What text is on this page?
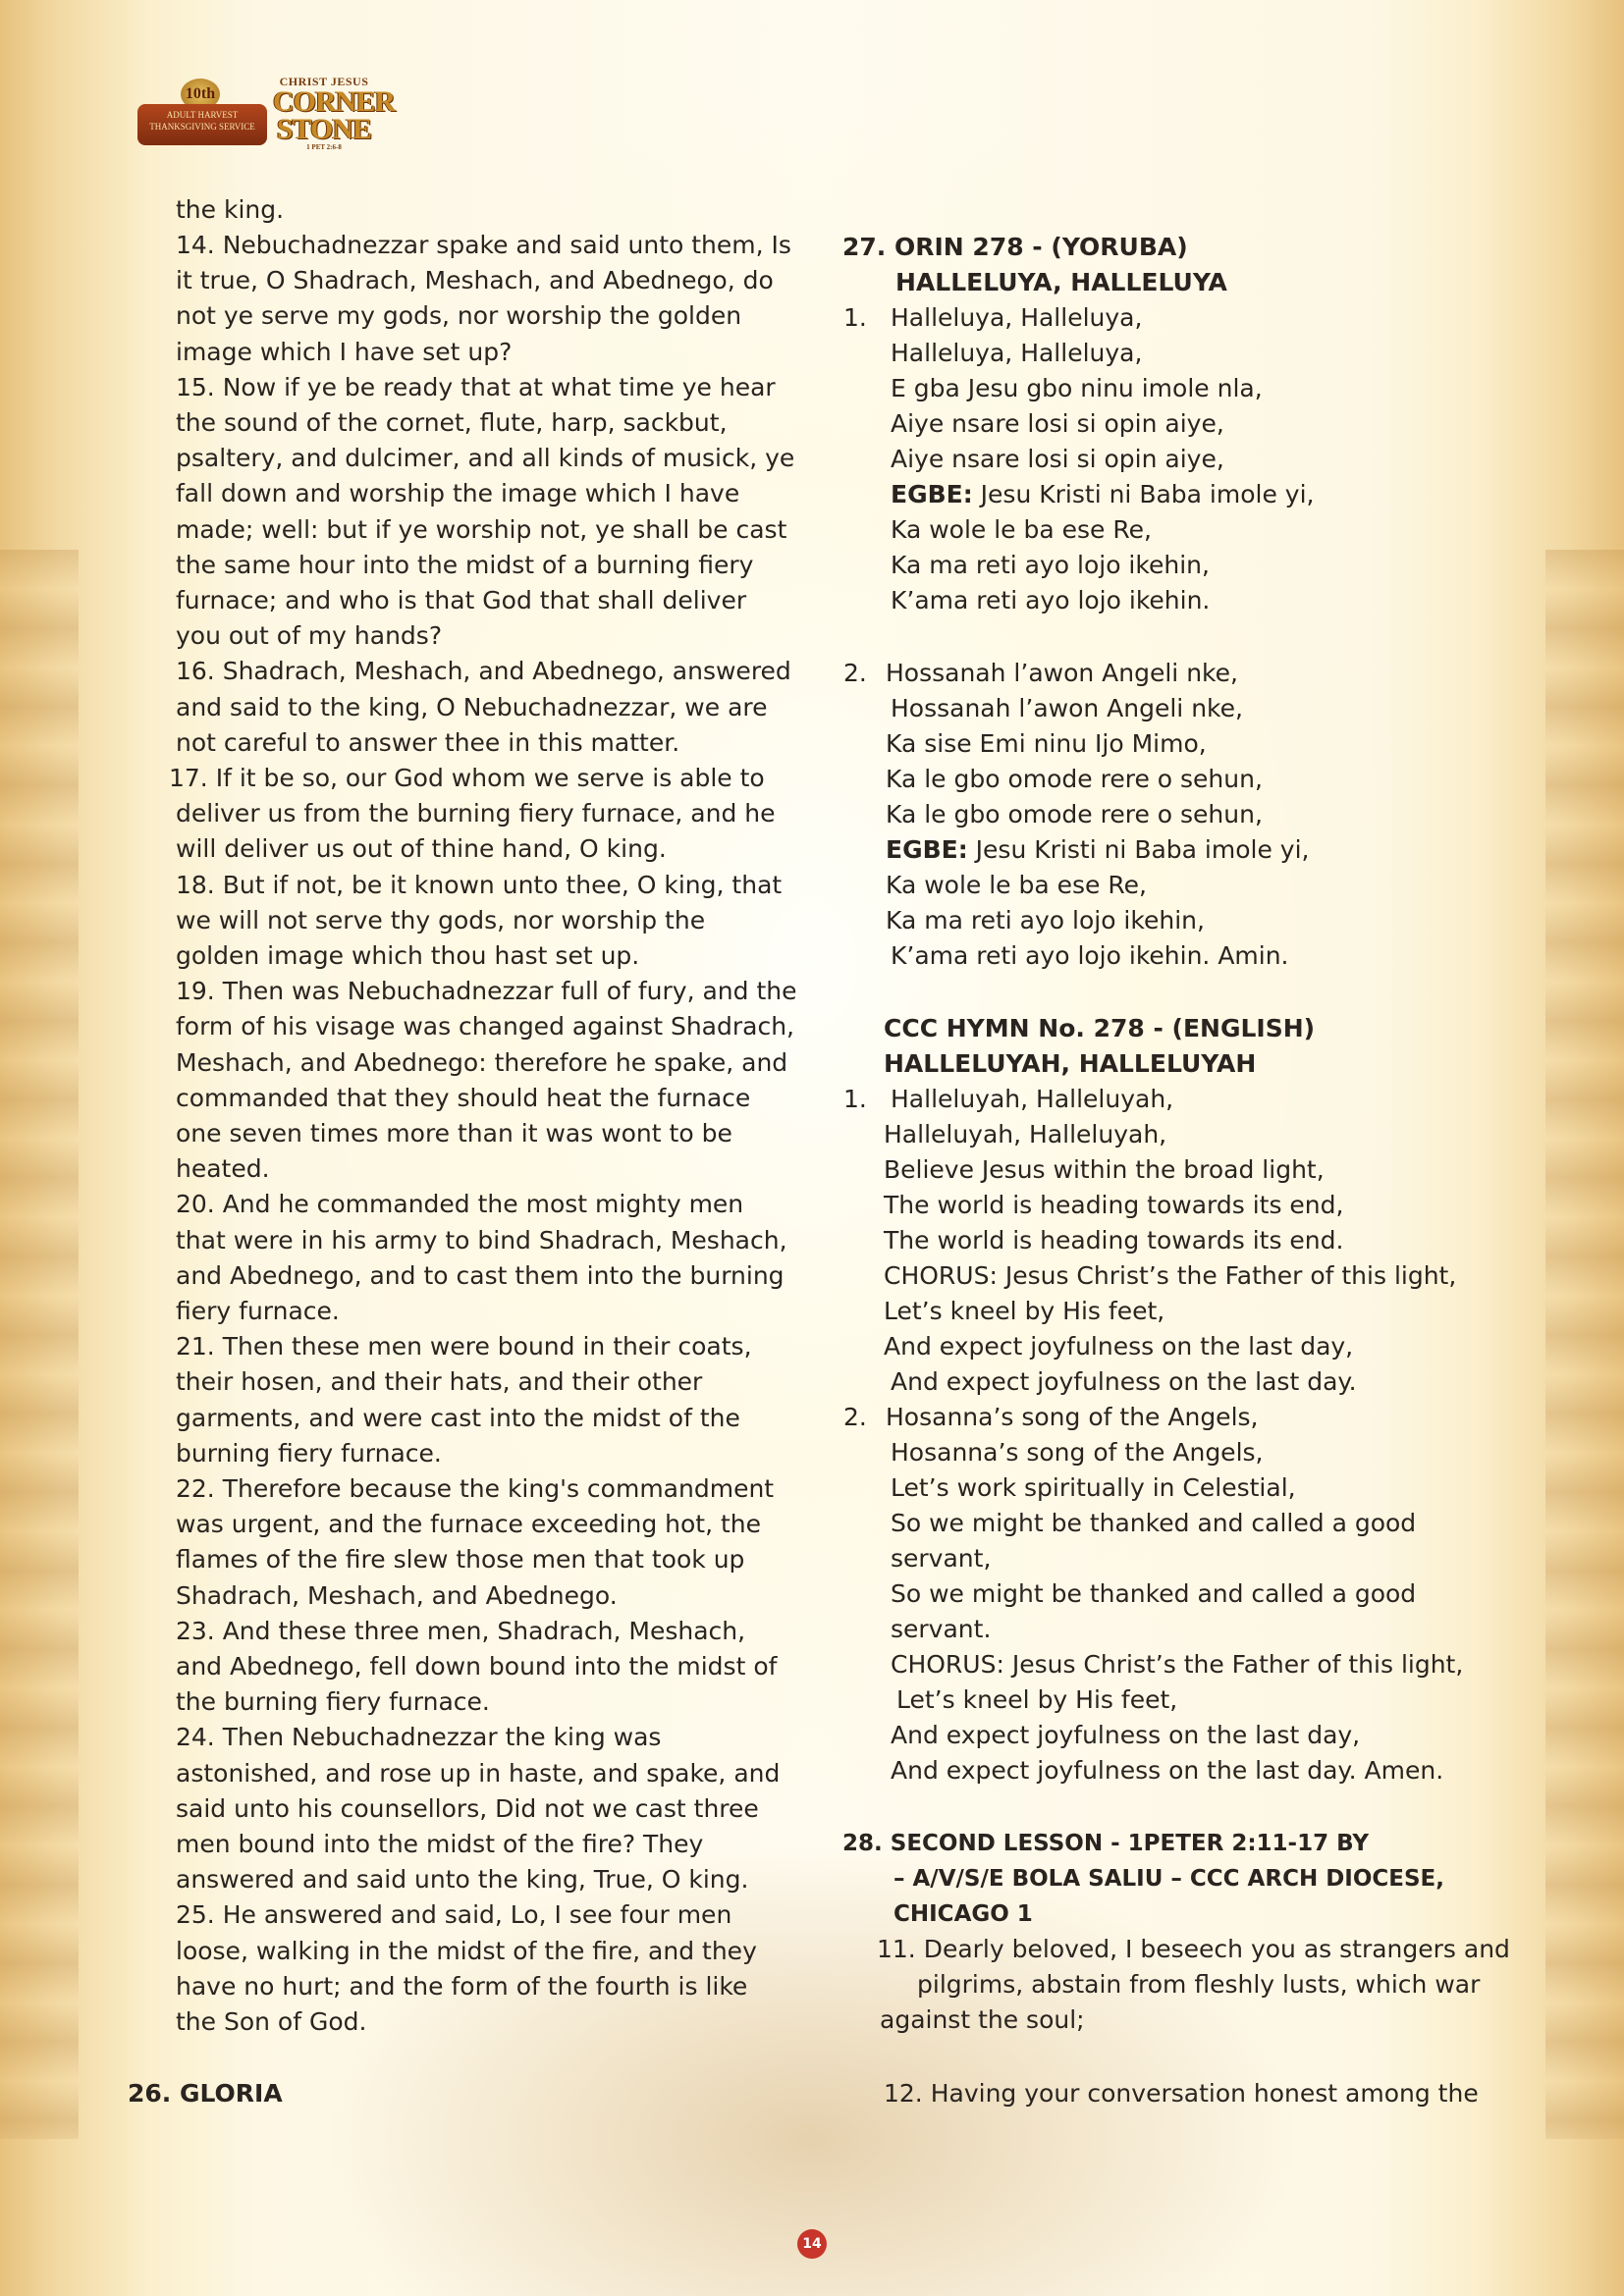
10th
ADULT HARVEST THANKSGIVING SERVICE
CHRIST JESUS
CORNER
STONE
1 PET 2:6-8
the king.
14. Nebuchadnezzar spake and said unto them, Is
it true, O Shadrach, Meshach, and Abednego, do
not ye serve my gods, nor worship the golden
image which I have set up?
15. Now if ye be ready that at what time ye hear
the sound of the cornet, flute, harp, sackbut,
psaltery, and dulcimer, and all kinds of musick, ye
fall down and worship the image which I have
made; well: but if ye worship not, ye shall be cast
the same hour into the midst of a burning fiery
furnace; and who is that God that shall deliver
you out of my hands?
16. Shadrach, Meshach, and Abednego, answered
and said to the king, O Nebuchadnezzar, we are
not careful to answer thee in this matter.
17. If it be so, our God whom we serve is able to
deliver us from the burning fiery furnace, and he
will deliver us out of thine hand, O king.
18. But if not, be it known unto thee, O king, that
we will not serve thy gods, nor worship the
golden image which thou hast set up.
19. Then was Nebuchadnezzar full of fury, and the
form of his visage was changed against Shadrach,
Meshach, and Abednego: therefore he spake, and
commanded that they should heat the furnace
one seven times more than it was wont to be
heated.
20. And he commanded the most mighty men
that were in his army to bind Shadrach, Meshach,
and Abednego, and to cast them into the burning
fiery furnace.
21. Then these men were bound in their coats,
their hosen, and their hats, and their other
garments, and were cast into the midst of the
burning fiery furnace.
22. Therefore because the king's commandment
was urgent, and the furnace exceeding hot, the
flames of the fire slew those men that took up
Shadrach, Meshach, and Abednego.
23. And these three men, Shadrach, Meshach,
and Abednego, fell down bound into the midst of
the burning fiery furnace.
24. Then Nebuchadnezzar the king was
astonished, and rose up in haste, and spake, and
said unto his counsellors, Did not we cast three
men bound into the midst of the fire? They
answered and said unto the king, True, O king.
25. He answered and said, Lo, I see four men
loose, walking in the midst of the fire, and they
have no hurt; and the form of the fourth is like
the Son of God.
26. GLORIA
27. ORIN 278 - (YORUBA)
HALLELUYA, HALLELUYA
1. Halleluya, Halleluya,
Halleluya, Halleluya,
E gba Jesu gbo ninu imole nla,
Aiye nsare losi si opin aiye,
Aiye nsare losi si opin aiye,
EGBE: Jesu Kristi ni Baba imole yi,
Ka wole le ba ese Re,
Ka ma reti ayo lojo ikehin,
K’ama reti ayo lojo ikehin.
2. Hossanah l’awon Angeli nke,
Hossanah l’awon Angeli nke,
Ka sise Emi ninu Ijo Mimo,
Ka le gbo omode rere o sehun,
Ka le gbo omode rere o sehun,
EGBE: Jesu Kristi ni Baba imole yi,
Ka wole le ba ese Re,
Ka ma reti ayo lojo ikehin,
K’ama reti ayo lojo ikehin. Amin.
CCC HYMN No. 278 - (ENGLISH)
HALLELUYAH, HALLELUYAH
1. Halleluyah, Halleluyah,
Halleluyah, Halleluyah,
Believe Jesus within the broad light,
The world is heading towards its end,
The world is heading towards its end.
CHORUS: Jesus Christ’s the Father of this light,
Let’s kneel by His feet,
And expect joyfulness on the last day,
And expect joyfulness on the last day.
2. Hosanna’s song of the Angels,
Hosanna’s song of the Angels,
Let’s work spiritually in Celestial,
So we might be thanked and called a good
servant,
So we might be thanked and called a good
servant.
CHORUS: Jesus Christ’s the Father of this light,
Let’s kneel by His feet,
And expect joyfulness on the last day,
And expect joyfulness on the last day. Amen.
28. SECOND LESSON - 1PETER 2:11-17 BY
– A/V/S/E BOLA SALIU – CCC ARCH DIOCESE,
CHICAGO 1
11. Dearly beloved, I beseech you as strangers and
pilgrims, abstain from fleshly lusts, which war
against the soul;
12. Having your conversation honest among the
14
